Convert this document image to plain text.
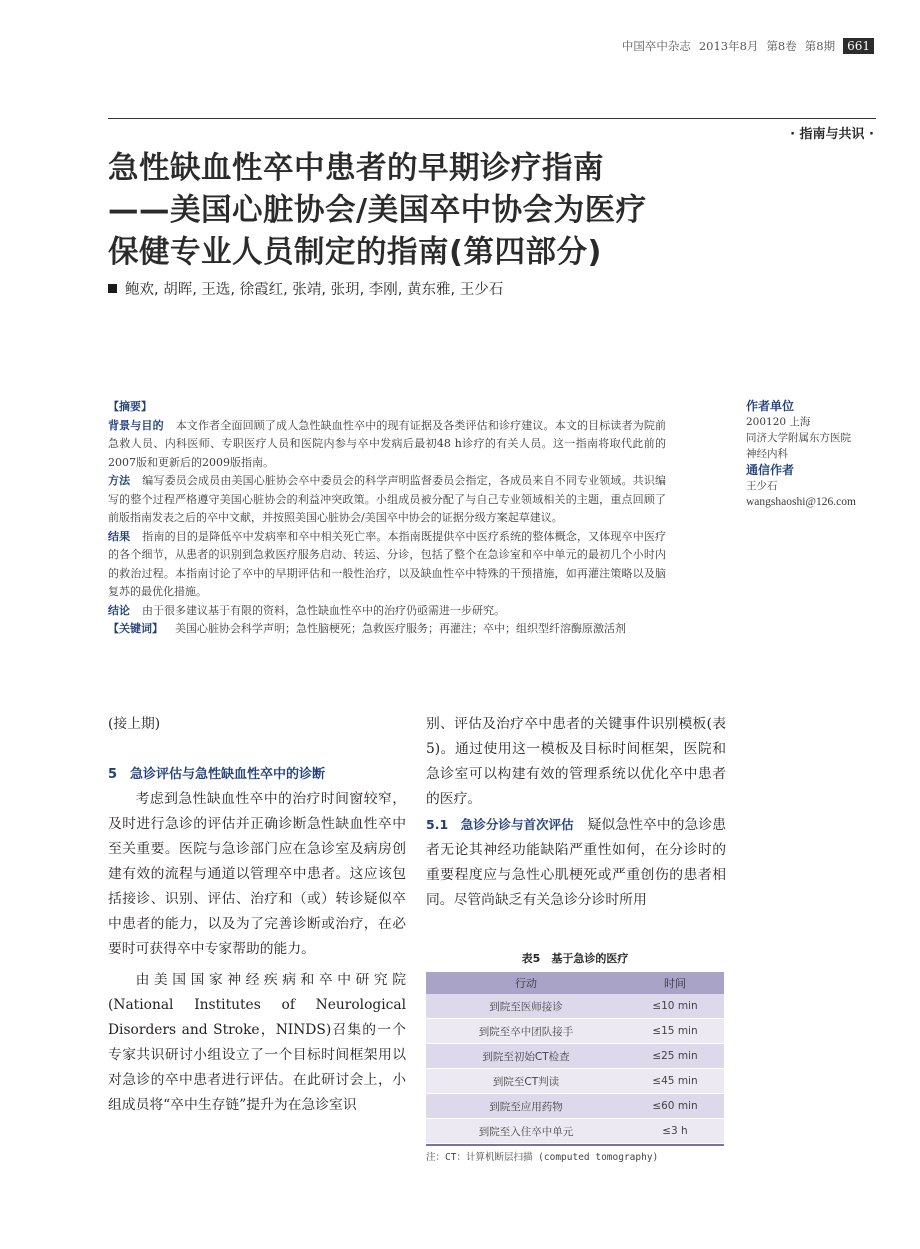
中国卒中杂志 2013年8月 第8卷 第8期	661
· 指南与共识 ·
急性缺血性卒中患者的早期诊疗指南
——美国心脏协会/美国卒中协会为医疗
保健专业人员制定的指南(第四部分)
鲍欢, 胡晖, 王选, 徐霞红, 张靖, 张玥, 李刚, 黄东雅, 王少石

【摘要】

背景与目的 本文作者全面回顾了成人急性缺血性卒中的现有证据及各类评估和诊疗建议。本文的目标读者为院前急救人员、内科医师、专职医疗人员和医院内参与卒中发病后最初48 h诊疗的有关人员。这一指南将取代此前的2007版和更新后的2009版指南。

方法 编写委员会成员由美国心脏协会卒中委员会的科学声明监督委员会指定，各成员来自不同专业领域。共识编写的整个过程严格遵守美国心脏协会的利益冲突政策。小组成员被分配了与自己专业领域相关的主题，重点回顾了前版指南发表之后的卒中文献，并按照美国心脏协会/美国卒中协会的证据分级方案起草建议。

结果 指南的目的是降低卒中发病率和卒中相关死亡率。本指南既提供卒中医疗系统的整体概念，又体现卒中医疗的各个细节，从患者的识别到急救医疗服务启动、转运、分诊，包括了整个在急诊室和卒中单元的最初几个小时内的救治过程。本指南讨论了卒中的早期评估和一般性治疗，以及缺血性卒中特殊的干预措施，如再灌注策略以及脑复苏的最优化措施。

结论 由于很多建议基于有限的资料，急性缺血性卒中的治疗仍亟需进一步研究。

【关键词】 美国心脏协会科学声明；急性脑梗死；急救医疗服务；再灌注；卒中；组织型纤溶酶原激活剂

作者单位
200120 上海
同济大学附属东方医院
神经内科
通信作者
王少石
wangshaoshi@126.com

(接上期)

5　急诊评估与急性缺血性卒中的诊断

考虑到急性缺血性卒中的治疗时间窗较窄，及时进行急诊的评估并正确诊断急性缺血性卒中至关重要。医院与急诊部门应在急诊室及病房创建有效的流程与通道以管理卒中患者。这应该包括接诊、识别、评估、治疗和（或）转诊疑似卒中患者的能力，以及为了完善诊断或治疗，在必要时可获得卒中专家帮助的能力。

由美国国家神经疾病和卒中研究院(National Institutes of Neurological Disorders and Stroke，NINDS)召集的一个专家共识研讨小组设立了一个目标时间框架用以对急诊的卒中患者进行评估。在此研讨会上，小组成员将“卒中生存链”提升为在急诊室识

别、评估及治疗卒中患者的关键事件识别模板(表5)。通过使用这一模板及目标时间框架，医院和急诊室可以构建有效的管理系统以优化卒中患者的医疗。

5.1　急诊分诊与首次评估　 疑似急性卒中的急诊患者无论其神经功能缺陷严重性如何，在分诊时的重要程度应与急性心肌梗死或严重创伤的患者相同。尽管尚缺乏有关急诊分诊时所用

表5　基于急诊的医疗
行动	时间
到院至医师接诊	≤10 min
到院至卒中团队接手	≤15 min
到院至初始CT检查	≤25 min
到院至CT判读	≤45 min
到院至应用药物	≤60 min
到院至入住卒中单元	≤3 h
注：CT：计算机断层扫描 (computed tomography)
